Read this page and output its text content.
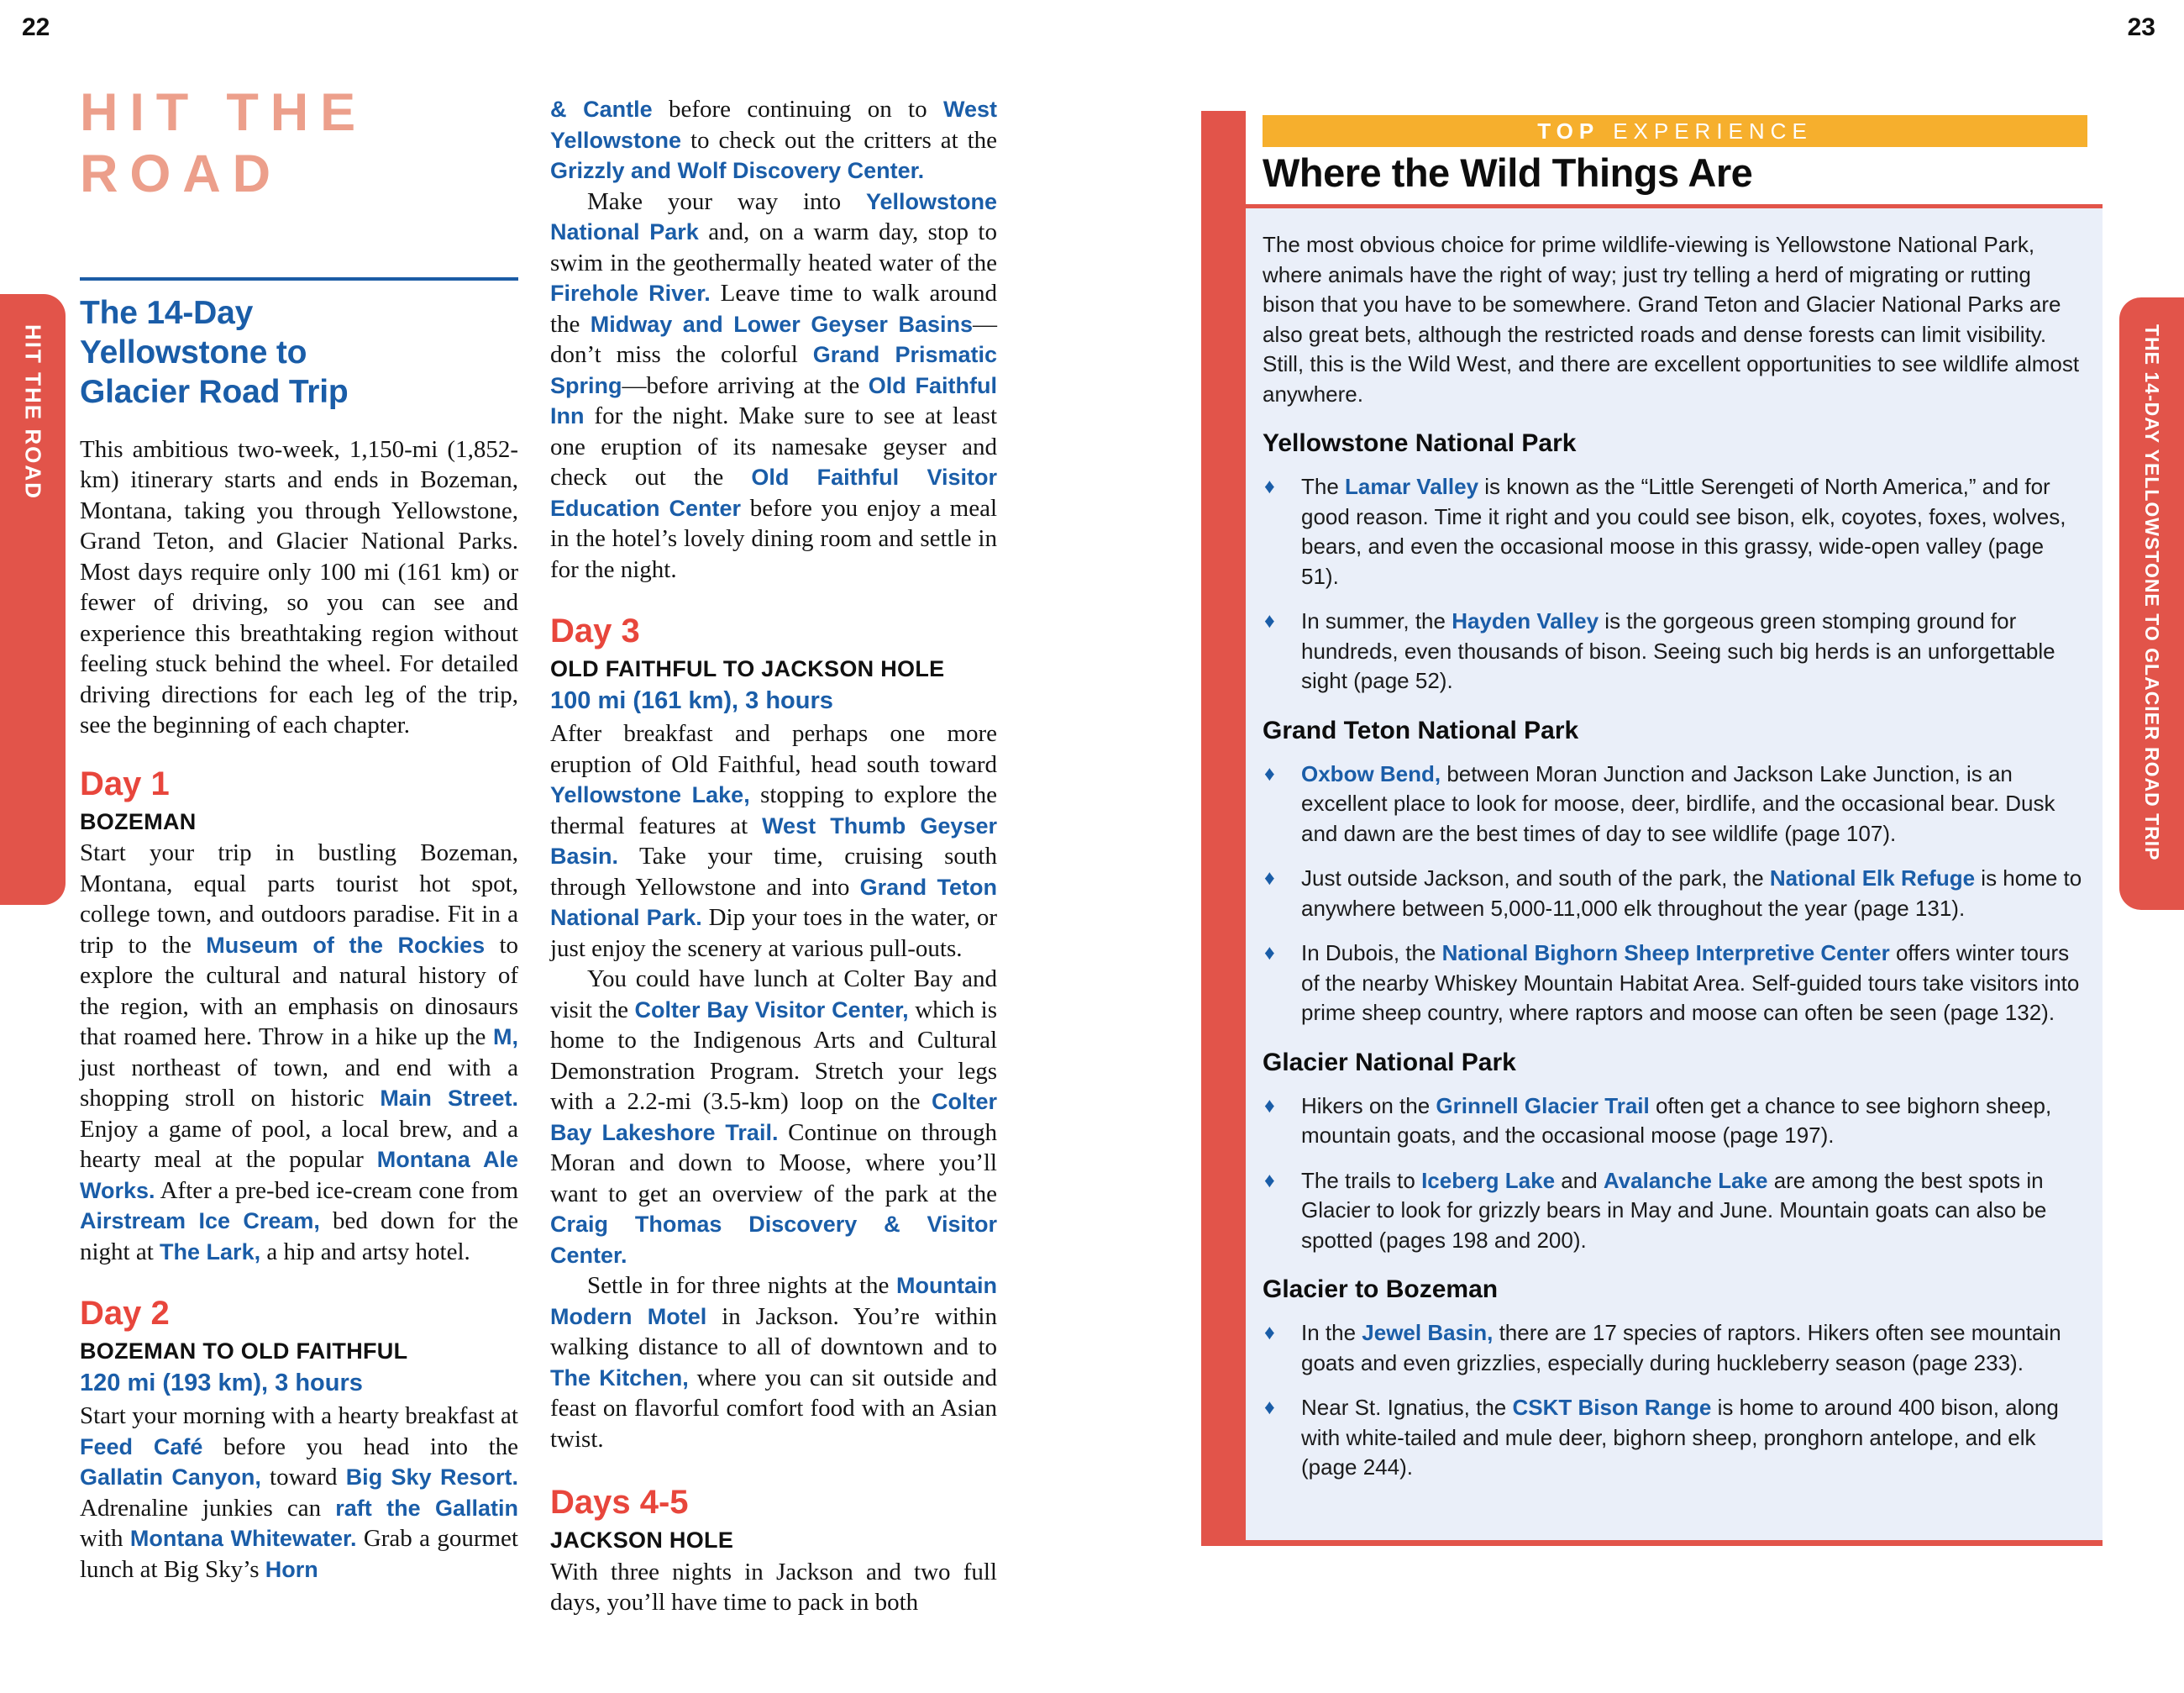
22	23
HIT THE ROAD	THE 14-DAY YELLOWSTONE TO GLACIER ROAD TRIP
HIT THE
ROAD
The 14-Day
Yellowstone to
Glacier Road Trip

This ambitious two-week, 1,150-mi (1,852-km) itinerary starts and ends in Bozeman, Montana, taking you through Yellowstone, Grand Teton, and Glacier National Parks. Most days require only 100 mi (161 km) or fewer of driving, so you can see and experience this breathtaking region without feeling stuck behind the wheel. For detailed driving directions for each leg of the trip, see the beginning of each chapter.

Day 1
BOZEMAN

Start your trip in bustling Bozeman, Montana, equal parts tourist hot spot, college town, and outdoors paradise. Fit in a trip to the Museum of the Rockies to explore the cultural and natural history of the region, with an emphasis on dinosaurs that roamed here. Throw in a hike up the M, just northeast of town, and end with a shopping stroll on historic Main Street. Enjoy a game of pool, a local brew, and a hearty meal at the popular Montana Ale Works. After a pre-bed ice-cream cone from Airstream Ice Cream, bed down for the night at The Lark, a hip and artsy hotel.

Day 2
BOZEMAN TO OLD FAITHFUL
120 mi (193 km), 3 hours

Start your morning with a hearty breakfast at Feed Café before you head into the Gallatin Canyon, toward Big Sky Resort. Adrenaline junkies can raft the Gallatin with Montana Whitewater. Grab a gourmet lunch at Big Sky’s Horn

& Cantle before continuing on to West Yellowstone to check out the critters at the Grizzly and Wolf Discovery Center.

Make your way into Yellowstone National Park and, on a warm day, stop to swim in the geothermally heated water of the Firehole River. Leave time to walk around the Midway and Lower Geyser Basins—don’t miss the colorful Grand Prismatic Spring—before arriving at the Old Faithful Inn for the night. Make sure to see at least one eruption of its namesake geyser and check out the Old Faithful Visitor Education Center before you enjoy a meal in the hotel’s lovely dining room and settle in for the night.

Day 3
OLD FAITHFUL TO JACKSON HOLE
100 mi (161 km), 3 hours

After breakfast and perhaps one more eruption of Old Faithful, head south toward Yellowstone Lake, stopping to explore the thermal features at West Thumb Geyser Basin. Take your time, cruising south through Yellowstone and into Grand Teton National Park. Dip your toes in the water, or just enjoy the scenery at various pull-outs.

You could have lunch at Colter Bay and visit the Colter Bay Visitor Center, which is home to the Indigenous Arts and Cultural Demonstration Program. Stretch your legs with a 2.2-mi (3.5-km) loop on the Colter Bay Lakeshore Trail. Continue on through Moran and down to Moose, where you’ll want to get an overview of the park at the Craig Thomas Discovery & Visitor Center.

Settle in for three nights at the Mountain Modern Motel in Jackson. You’re within walking distance to all of downtown and to The Kitchen, where you can sit outside and feast on flavorful comfort food with an Asian twist.

Days 4-5
JACKSON HOLE

With three nights in Jackson and two full days, you’ll have time to pack in both

TOP EXPERIENCE
Where the Wild Things Are

The most obvious choice for prime wildlife-viewing is Yellowstone National Park, where animals have the right of way; just try telling a herd of migrating or rutting bison that you have to be somewhere. Grand Teton and Glacier National Parks are also great bets, although the restricted roads and dense forests can limit visibility. Still, this is the Wild West, and there are excellent opportunities to see wildlife almost anywhere.

Yellowstone National Park
♦	The Lamar Valley is known as the “Little Serengeti of North America,” and for good reason. Time it right and you could see bison, elk, coyotes, foxes, wolves, bears, and even the occasional moose in this grassy, wide-open valley (page 51).
♦	In summer, the Hayden Valley is the gorgeous green stomping ground for hundreds, even thousands of bison. Seeing such big herds is an unforgettable sight (page 52).
Grand Teton National Park
♦	Oxbow Bend, between Moran Junction and Jackson Lake Junction, is an excellent place to look for moose, deer, birdlife, and the occasional bear. Dusk and dawn are the best times of day to see wildlife (page 107).
♦	Just outside Jackson, and south of the park, the National Elk Refuge is home to anywhere between 5,000-11,000 elk throughout the year (page 131).
♦	In Dubois, the National Bighorn Sheep Interpretive Center offers winter tours of the nearby Whiskey Mountain Habitat Area. Self-guided tours take visitors into prime sheep country, where raptors and moose can often be seen (page 132).
Glacier National Park
♦	Hikers on the Grinnell Glacier Trail often get a chance to see bighorn sheep, mountain goats, and the occasional moose (page 197).
♦	The trails to Iceberg Lake and Avalanche Lake are among the best spots in Glacier to look for grizzly bears in May and June. Mountain goats can also be spotted (pages 198 and 200).
Glacier to Bozeman
♦	In the Jewel Basin, there are 17 species of raptors. Hikers often see mountain goats and even grizzlies, especially during huckleberry season (page 233).
♦	Near St. Ignatius, the CSKT Bison Range is home to around 400 bison, along with white-tailed and mule deer, bighorn sheep, pronghorn antelope, and elk (page 244).
